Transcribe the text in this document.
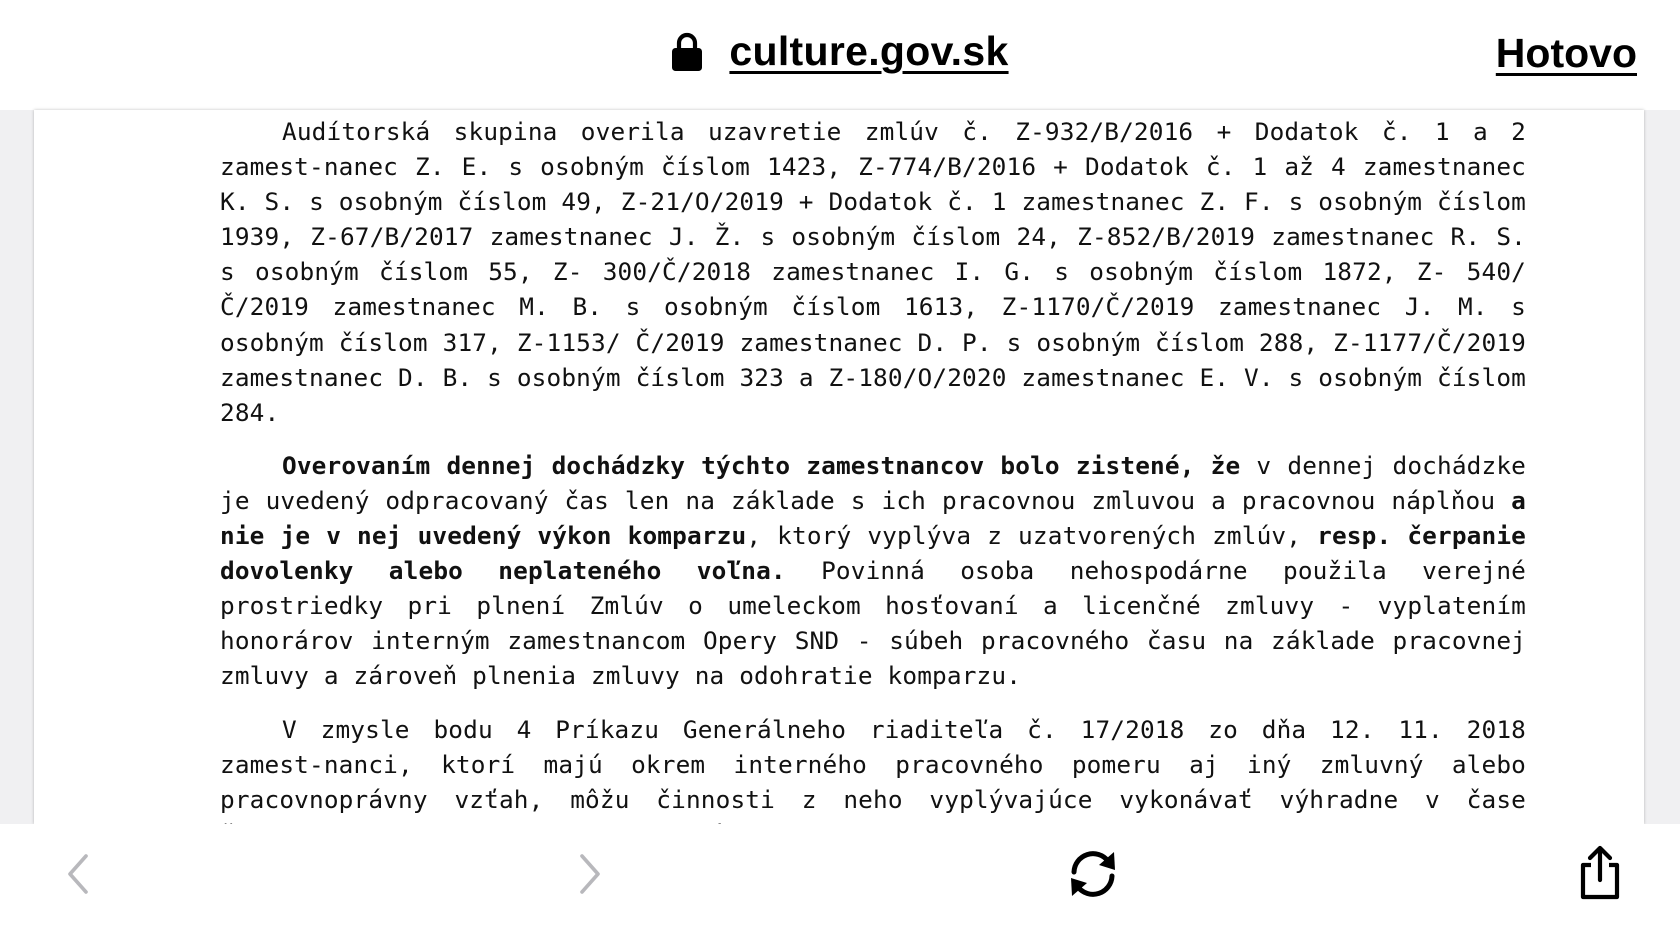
culture.gov.sk	Hotovo

Audítorská skupina overila uzavretie zmlúv č. Z-932/B/2016 + Dodatok č. 1 a 2 zamest-nanec Z. E. s osobným číslom 1423, Z-774/B/2016 + Dodatok č. 1 až 4 zamestnanec K. S. s osobným číslom 49, Z-21/O/2019 + Dodatok č. 1 zamestnanec Z. F. s osobným číslom 1939, Z-67/B/2017 zamestnanec J. Ž. s osobným číslom 24, Z-852/B/2019 zamestnanec R. S. s osobným číslom 55, Z- 300/Č/2018 zamestnanec I. G. s osobným číslom 1872, Z- 540/Č/2019 zamestnanec M. B. s osobným číslom 1613, Z-1170/Č/2019 zamestnanec J. M. s osobným číslom 317, Z-1153/ Č/2019 zamestnanec D. P. s osobným číslom 288, Z-1177/Č/2019 zamestnanec D. B. s osobným číslom 323 a Z-180/O/2020 zamestnanec E. V. s osobným číslom 284.

Overovaním dennej dochádzky týchto zamestnancov bolo zistené, že v dennej dochádzke je uvedený odpracovaný čas len na základe s ich pracovnou zmluvou a pracovnou náplňou a nie je v nej uvedený výkon komparzu, ktorý vyplýva z uzatvorených zmlúv, resp. čerpanie dovolenky alebo neplateného voľna. Povinná osoba nehospodárne použila verejné prostriedky pri plnení Zmlúv o umeleckom hosťovaní a licenčné zmluvy - vyplatením honorárov interným zamestnancom Opery SND - súbeh pracovného času na základe pracovnej zmluvy a zároveň plnenia zmluvy na odohratie komparzu.

V zmysle bodu 4 Príkazu Generálneho riaditeľa č. 17/2018 zo dňa 12. 11. 2018 zamest-nanci, ktorí majú okrem interného pracovného pomeru aj iný zmluvný alebo pracovnoprávny vzťah, môžu činnosti z neho vyplývajúce vykonávať výhradne v čase
